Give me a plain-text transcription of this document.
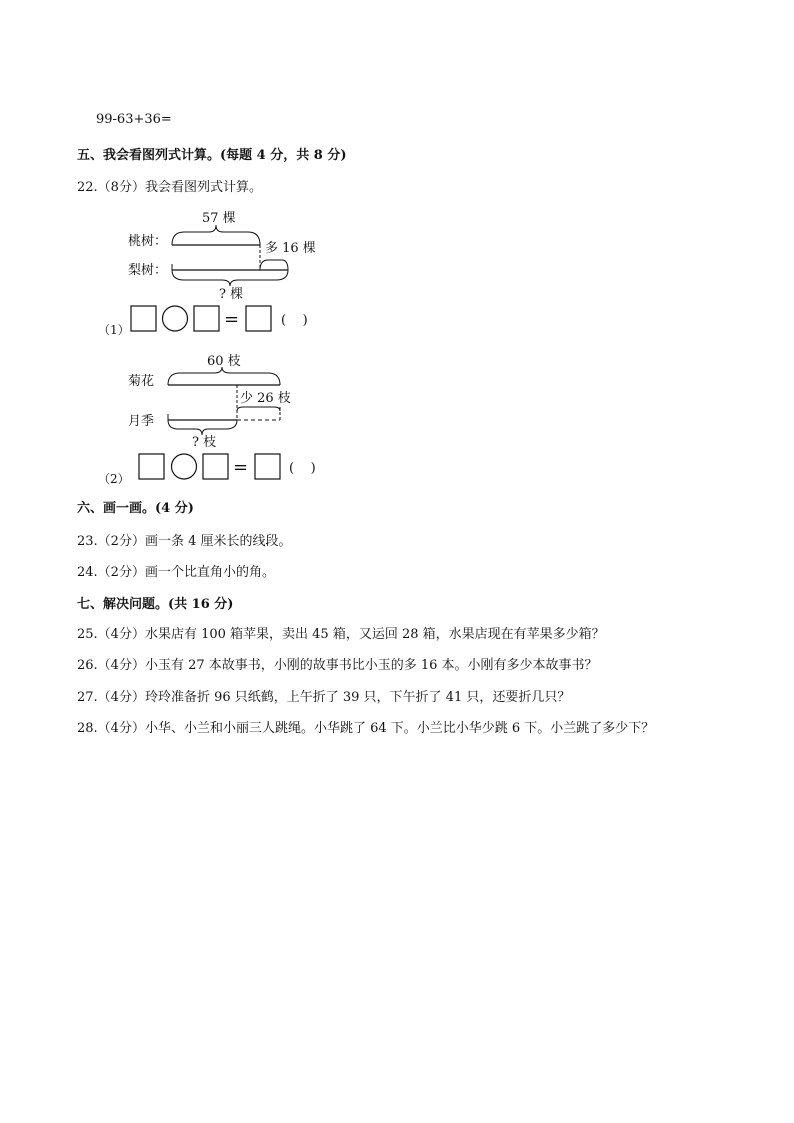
99-63+36=
五、我会看图列式计算。(每题 4 分，共 8 分)
22.（8分）我会看图列式计算。
桃树：
梨树：
57 棵
多 16 棵
? 棵
（1）	=	(    )
菊花
月季
60 枝
少 26 枝
? 枝
（2）
=	(    )
六、画一画。(4 分)
23.（2分）画一条 4 厘米长的线段。
24.（2分）画一个比直角小的角。
七、解决问题。(共 16 分)
25.（4分）水果店有 100 箱苹果，卖出 45 箱，又运回 28 箱，水果店现在有苹果多少箱？
26.（4分）小玉有 27 本故事书，小刚的故事书比小玉的多 16 本。小刚有多少本故事书？
27.（4分）玲玲准备折 96 只纸鹤，上午折了 39 只，下午折了 41 只，还要折几只？
28.（4分）小华、小兰和小丽三人跳绳。小华跳了 64 下。小兰比小华少跳 6 下。小兰跳了多少下？
